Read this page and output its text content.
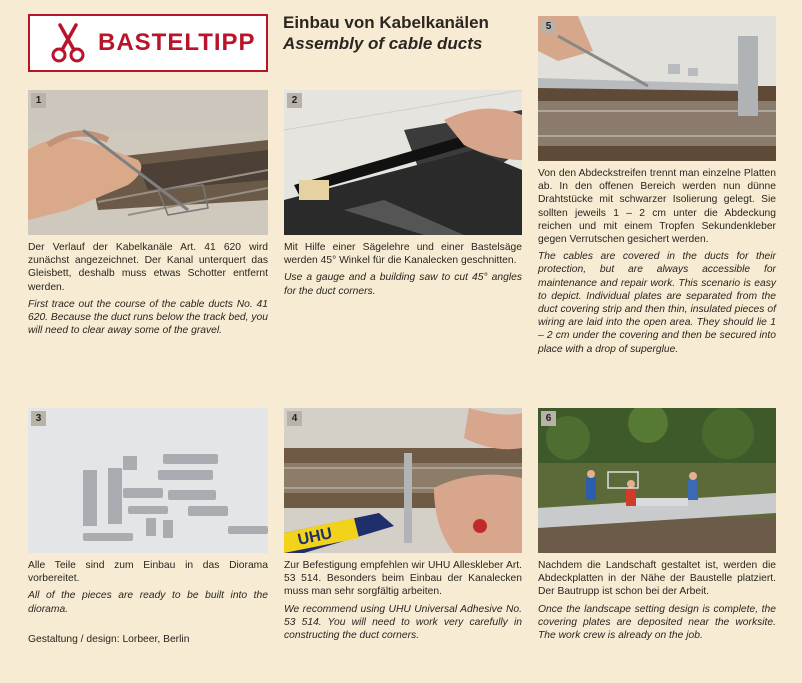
BASTELTIPP
Einbau von Kabelkanälen
Assembly of cable ducts
1	2
5
3
UHU
4	6

Der Verlauf der Kabelkanäle Art. 41 620 wird zunächst angezeichnet. Der Kanal unterquert das Gleisbett, deshalb muss etwas Schotter entfernt werden.

First trace out the course of the cable ducts No. 41 620. Because the duct runs below the track bed, you will need to clear away some of the gravel.

Mit Hilfe einer Sägelehre und einer Bastelsäge werden 45° Winkel für die Kanalecken geschnitten.

Use a gauge and a building saw to cut 45° angles for the duct corners.

Von den Abdeckstreifen trennt man einzelne Platten ab. In den offenen Bereich werden nun dünne Drahtstücke mit schwarzer Isolierung gelegt. Sie sollten jeweils 1 – 2 cm unter die Abdeckung reichen und mit einem Tropfen Sekundenkleber gegen Verrutschen gesichert werden.

The cables are covered in the ducts for their protection, but are always accessible for maintenance and repair work. This scenario is easy to depict. Individual plates are separated from the duct covering strip and then thin, insulated pieces of wiring are laid into the open area. They should lie 1 – 2 cm under the covering and then be secured into place with a drop of superglue.

Alle Teile sind zum Einbau in das Diorama vorbereitet.

All of the pieces are ready to be built into the diorama.

Zur Befestigung empfehlen wir UHU Alleskleber Art. 53 514. Besonders beim Einbau der Kanalecken muss man sehr sorgfältig arbeiten.

We recommend using UHU Universal Adhesive No. 53 514. You will need to work very carefully in constructing the duct corners.

Nachdem die Landschaft gestaltet ist, werden die Abdeckplatten in der Nähe der Baustelle platziert. Der Bautrupp ist schon bei der Arbeit.

Once the landscape setting design is complete, the covering plates are deposited near the worksite. The work crew is already on the job.

Gestaltung / design: Lorbeer, Berlin
